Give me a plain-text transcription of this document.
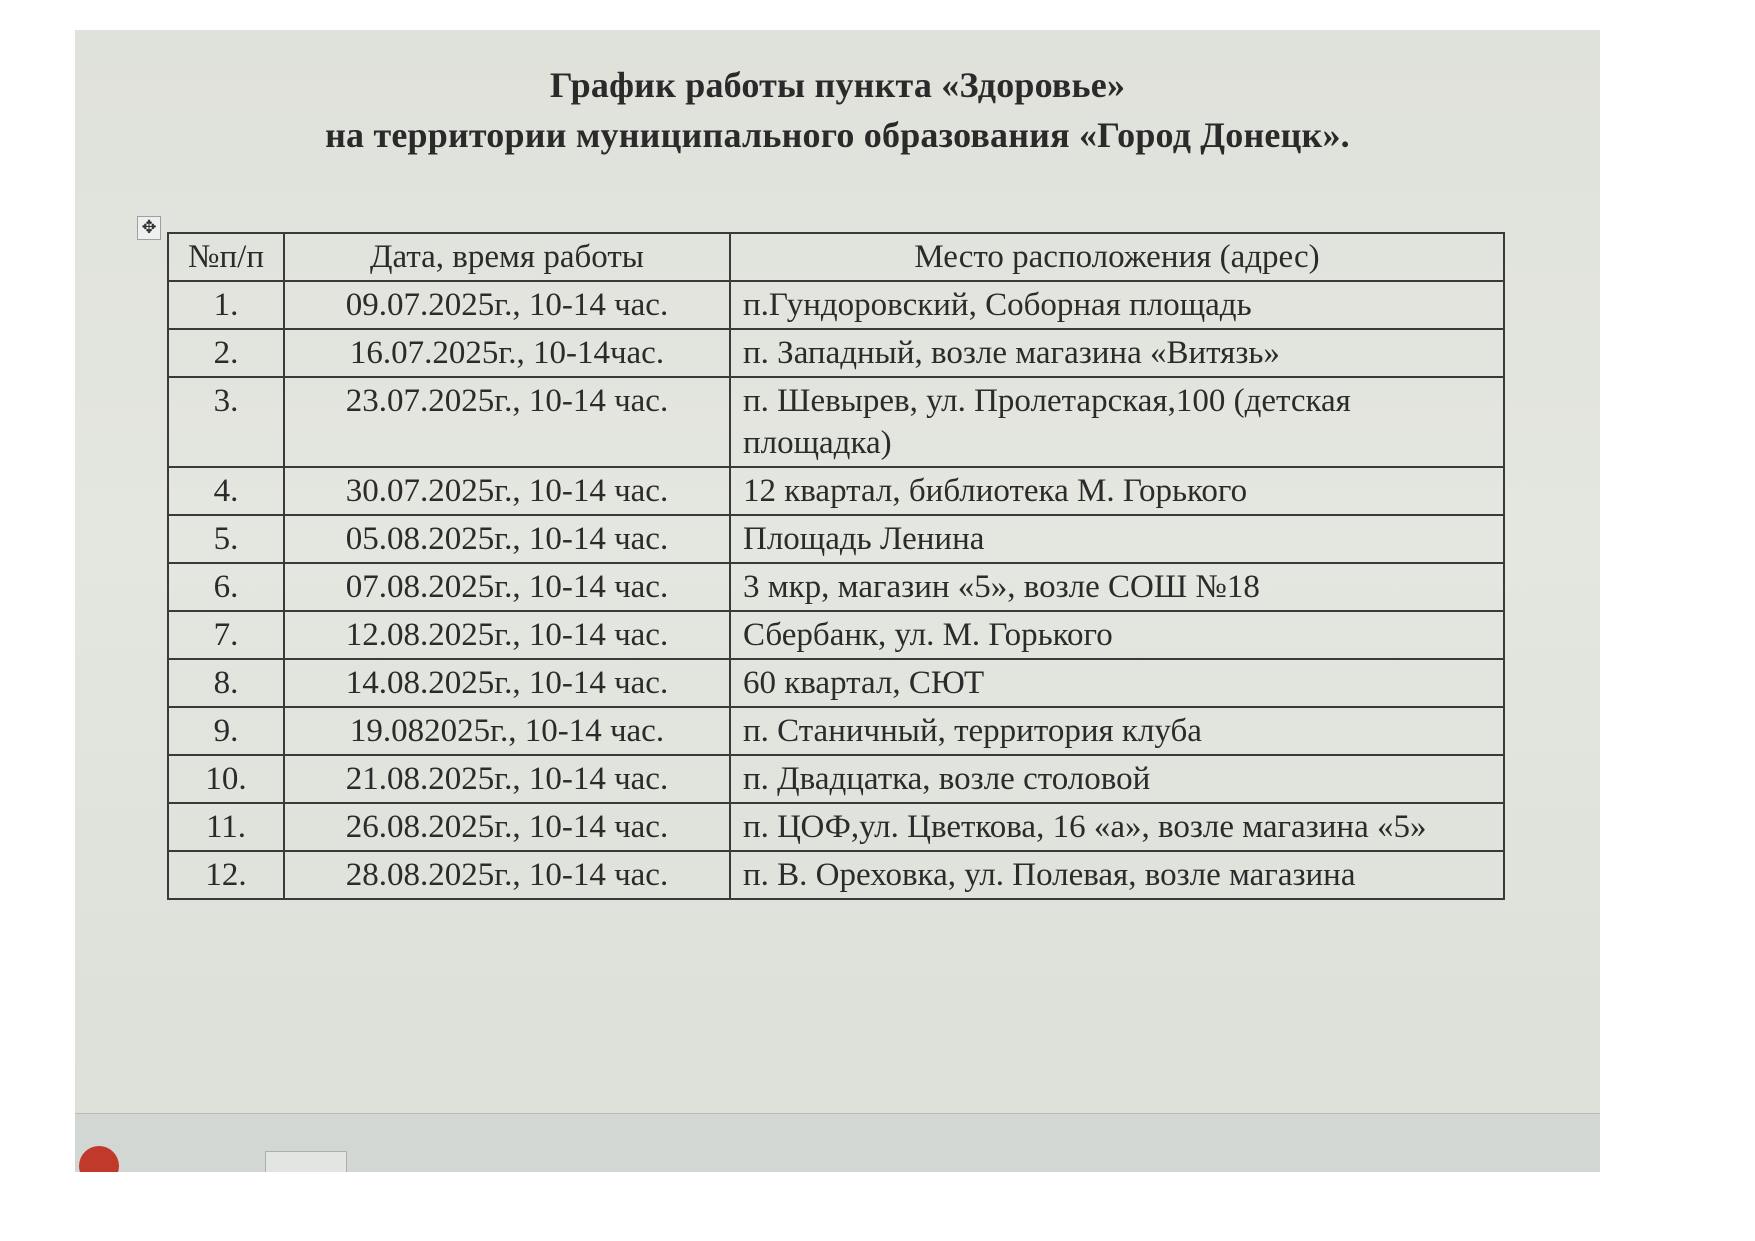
График работы пункта «Здоровье»
на территории муниципального образования «Город Донецк».
✥
№п/п	Дата, время работы	Место расположения (адрес)
1.	09.07.2025г., 10-14 час.	п.Гундоровский, Соборная площадь
2.	16.07.2025г., 10-14час.	п. Западный, возле магазина «Витязь»
3.	23.07.2025г., 10-14 час.	п. Шевырев, ул. Пролетарская,100 (детская площадка)
4.	30.07.2025г., 10-14 час.	12 квартал, библиотека М. Горького
5.	05.08.2025г., 10-14 час.	Площадь Ленина
6.	07.08.2025г., 10-14 час.	3 мкр, магазин «5», возле СОШ №18
7.	12.08.2025г., 10-14 час.	Сбербанк, ул. М. Горького
8.	14.08.2025г., 10-14 час.	60 квартал, СЮТ
9.	19.082025г., 10-14 час.	п. Станичный, территория клуба
10.	21.08.2025г., 10-14 час.	п. Двадцатка, возле столовой
11.	26.08.2025г., 10-14 час.	п. ЦОФ,ул. Цветкова, 16 «а», возле магазина «5»
12.	28.08.2025г., 10-14 час.	п. В. Ореховка, ул. Полевая, возле магазина
